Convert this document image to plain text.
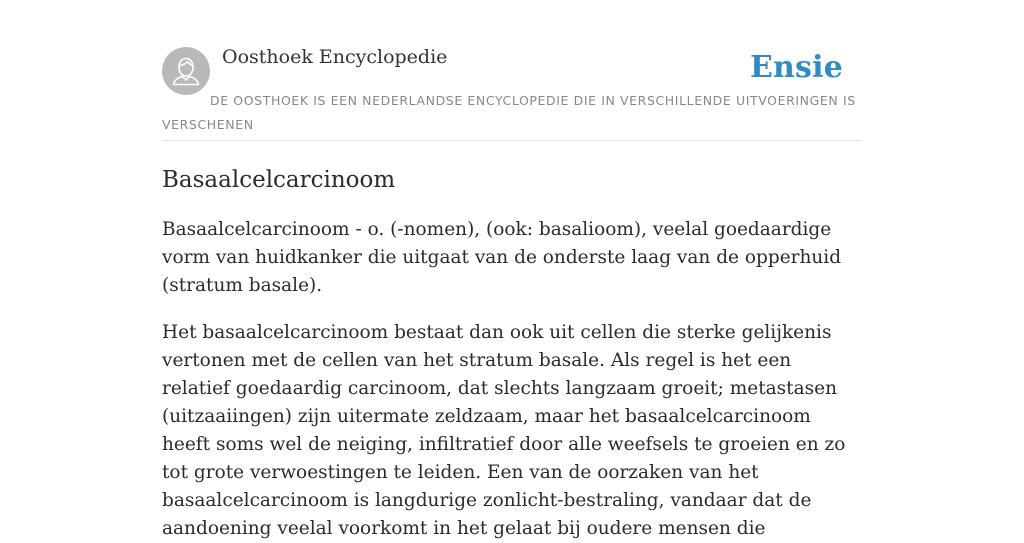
Oosthoek Encyclopedie	Ensie
DE OOSTHOEK IS EEN NEDERLANDSE ENCYCLOPEDIE DIE IN VERSCHILLENDE UITVOERINGEN IS VERSCHENEN
Basaalcelcarcinoom

Basaalcelcarcinoom - o. (-nomen), (ook: basalioom), veelal goedaardige vorm van huidkanker die uitgaat van de onderste laag van de opperhuid (stratum basale).

Het basaalcelcarcinoom bestaat dan ook uit cellen die sterke gelijkenis vertonen met de cellen van het stratum basale. Als regel is het een relatief goedaardig carcinoom, dat slechts langzaam groeit; metastasen (uitzaaiingen) zijn uitermate zeldzaam, maar het basaalcelcarcinoom heeft soms wel de neiging, infiltratief door alle weefsels te groeien en zo tot grote verwoestingen te leiden. Een van de oorzaken van het basaalcelcarcinoom is langdurige zonlicht-bestraling, vandaar dat de aandoening veelal voorkomt in het gelaat bij oudere mensen die
